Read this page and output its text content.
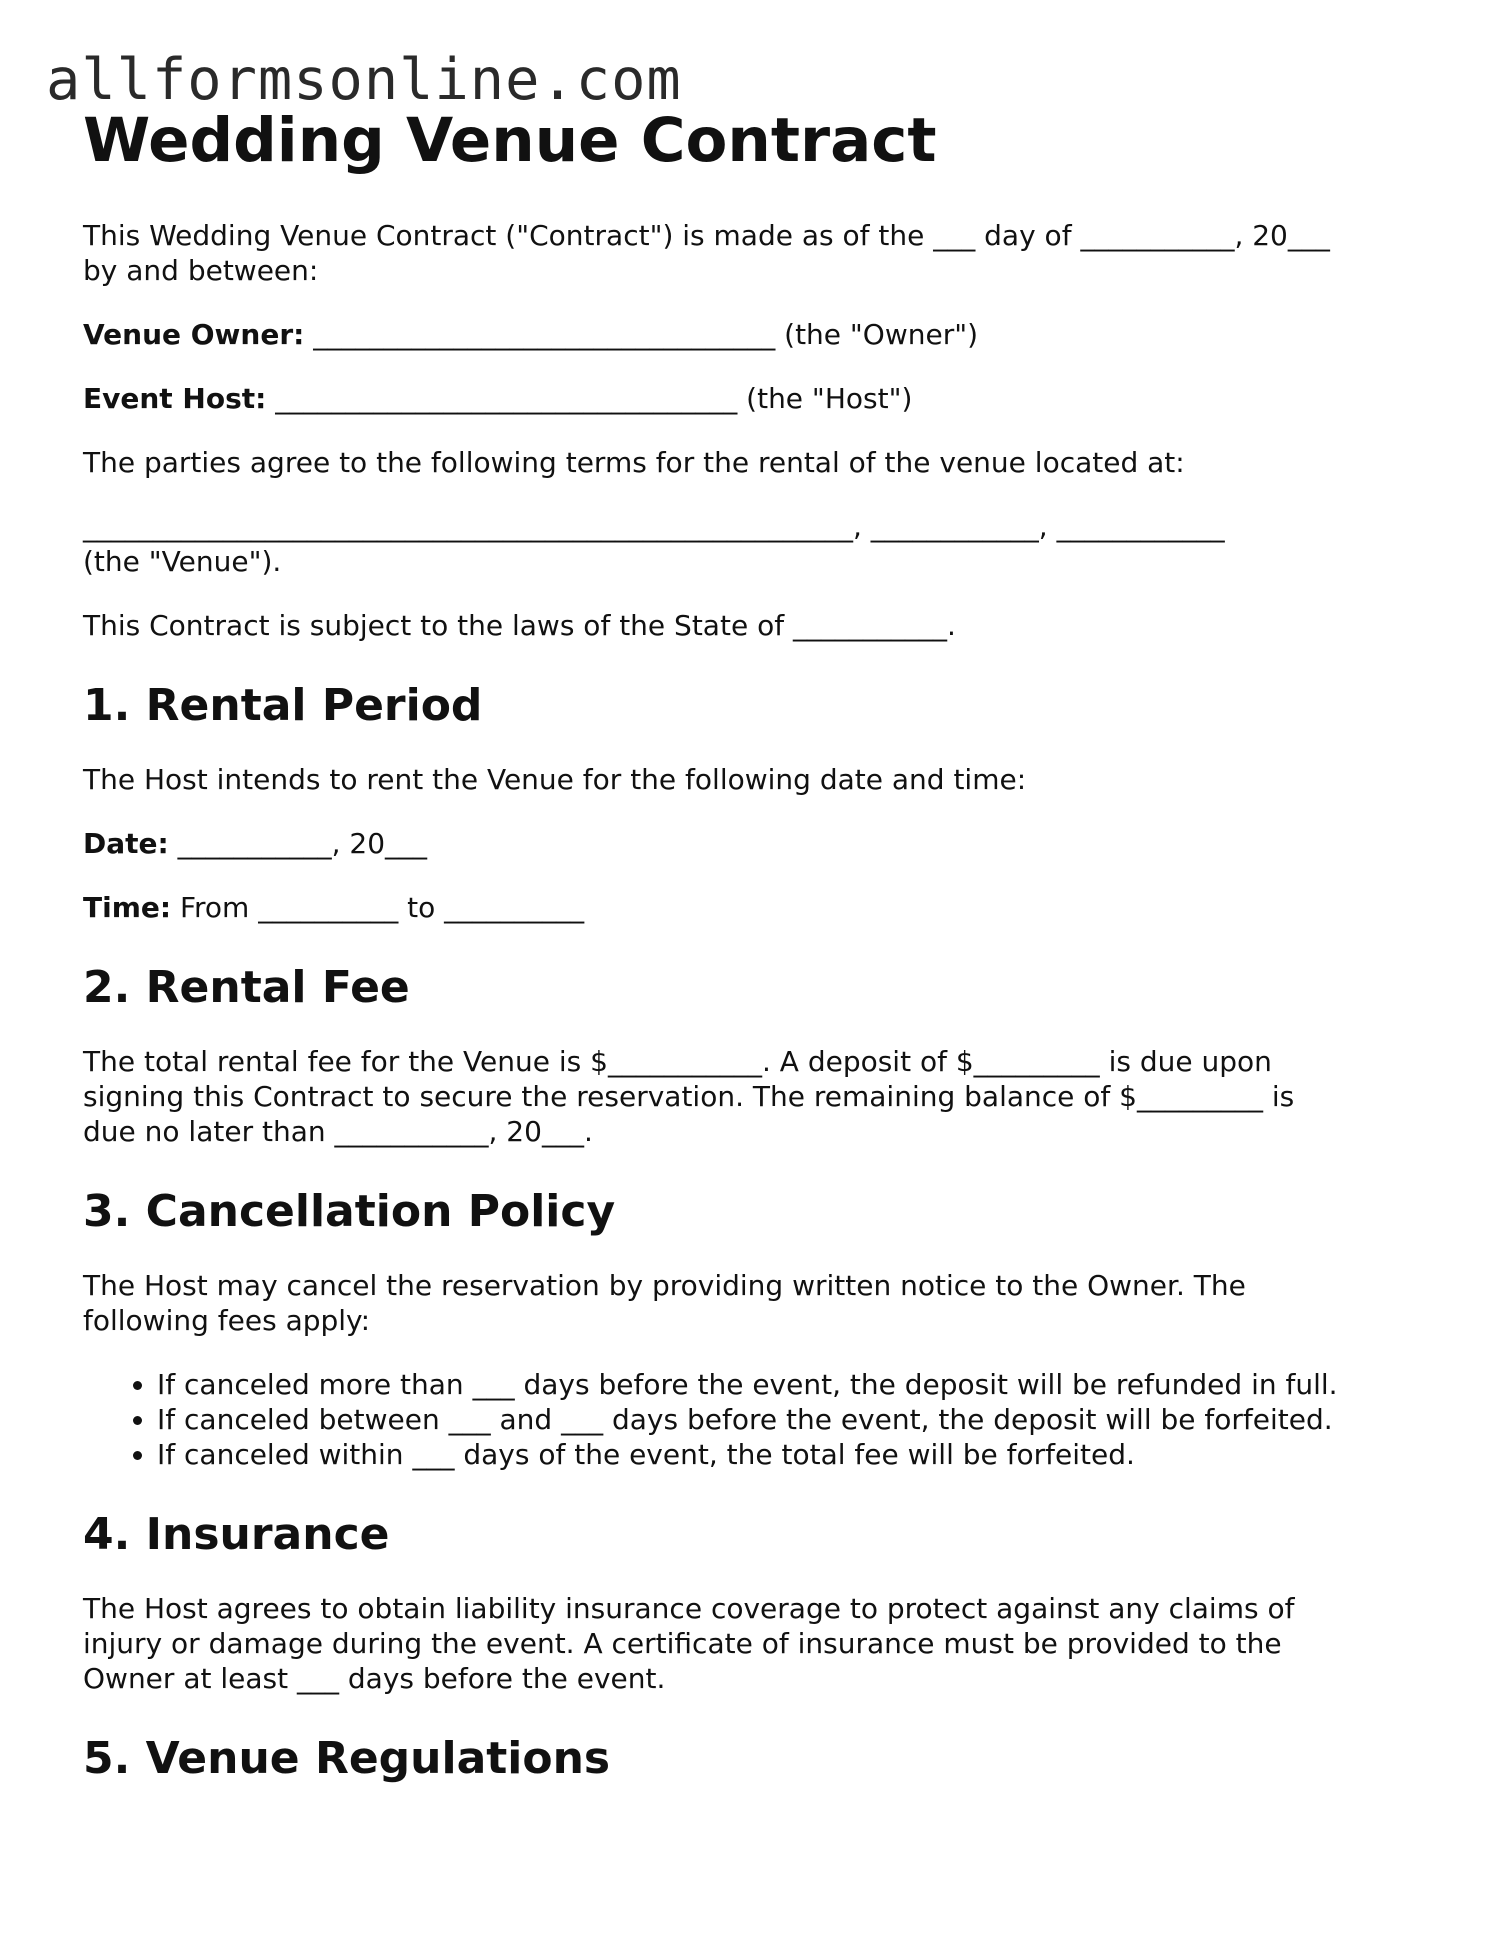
allformsonline.com
Wedding Venue Contract

This Wedding Venue Contract ("Contract") is made as of the ___ day of ___________, 20___
by and between:

Venue Owner: _________________________________ (the "Owner")

Event Host: _________________________________ (the "Host")

The parties agree to the following terms for the rental of the venue located at:

_______________________________________________________, ____________, ____________
(the "Venue").

This Contract is subject to the laws of the State of ___________.

1. Rental Period

The Host intends to rent the Venue for the following date and time:

Date: ___________, 20___

Time: From __________ to __________

2. Rental Fee

The total rental fee for the Venue is $___________. A deposit of $_________ is due upon
signing this Contract to secure the reservation. The remaining balance of $_________ is
due no later than ___________, 20___.

3. Cancellation Policy

The Host may cancel the reservation by providing written notice to the Owner. The
following fees apply:

• If canceled more than ___ days before the event, the deposit will be refunded in full.
• If canceled between ___ and ___ days before the event, the deposit will be forfeited.
• If canceled within ___ days of the event, the total fee will be forfeited.
4. Insurance

The Host agrees to obtain liability insurance coverage to protect against any claims of
injury or damage during the event. A certificate of insurance must be provided to the
Owner at least ___ days before the event.

5. Venue Regulations
